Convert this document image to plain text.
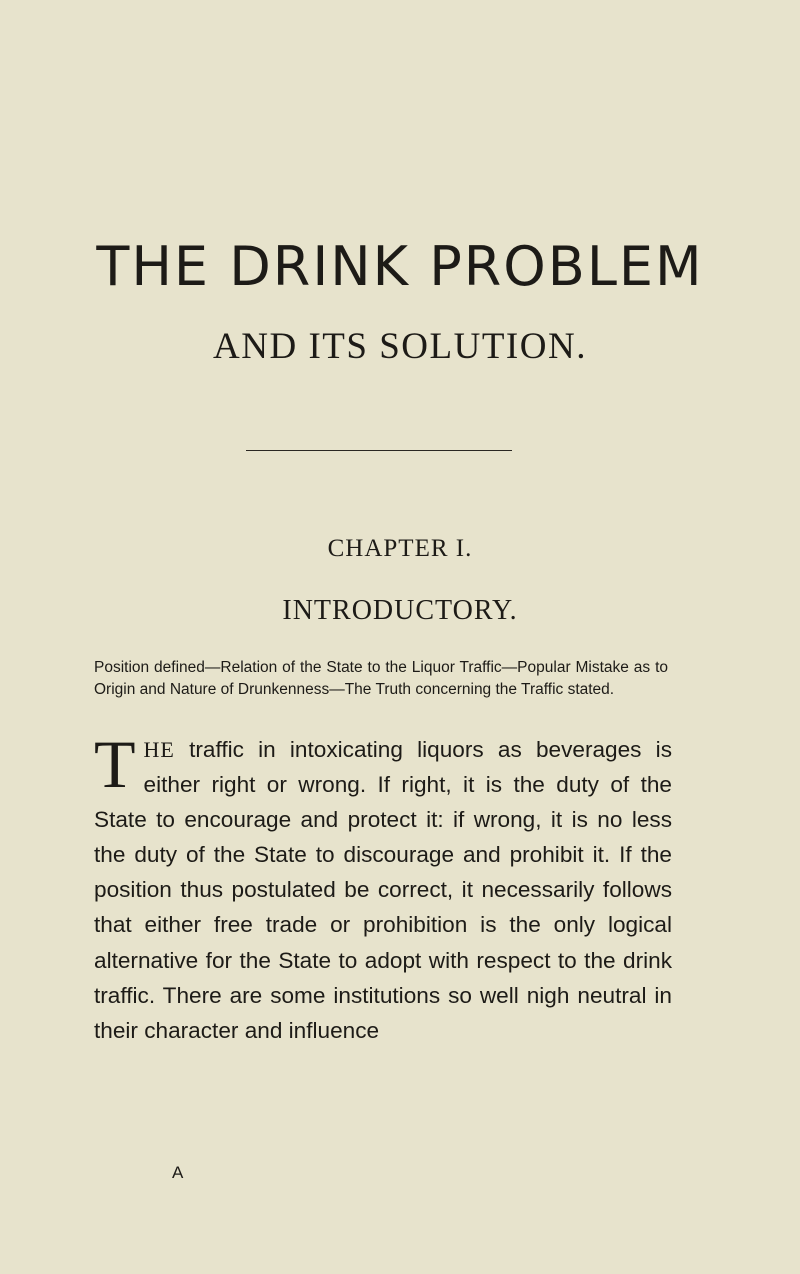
THE DRINK PROBLEM
AND ITS SOLUTION.
CHAPTER I.
INTRODUCTORY.
Position defined—Relation of the State to the Liquor Traffic—Popular Mistake as to Origin and Nature of Drunkenness—The Truth concerning the Traffic stated.

THE traffic in intoxicating liquors as beverages is either right or wrong. If right, it is the duty of the State to encourage and protect it: if wrong, it is no less the duty of the State to discourage and prohibit it. If the position thus postulated be correct, it necessarily follows that either free trade or prohibition is the only logical alternative for the State to adopt with respect to the drink traffic. There are some institutions so well nigh neutral in their character and influence

A
